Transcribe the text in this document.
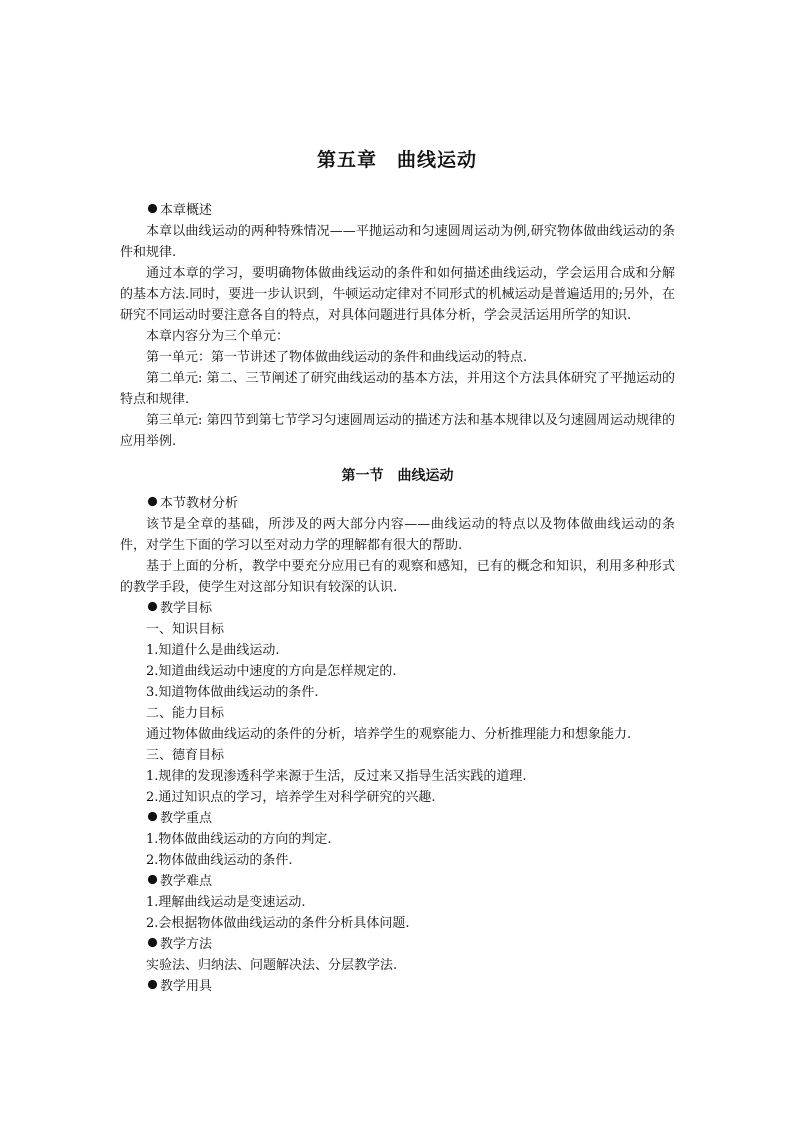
第五章　曲线运动

本章概述

本章以曲线运动的两种特殊情况——平抛运动和匀速圆周运动为例,研究物体做曲线运动的条件和规律.

通过本章的学习，要明确物体做曲线运动的条件和如何描述曲线运动，学会运用合成和分解的基本方法.同时，要进一步认识到，牛顿运动定律对不同形式的机械运动是普遍适用的;另外，在研究不同运动时要注意各自的特点，对具体问题进行具体分析，学会灵活运用所学的知识.

本章内容分为三个单元：

第一单元：第一节讲述了物体做曲线运动的条件和曲线运动的特点.

第二单元: 第二、三节阐述了研究曲线运动的基本方法，并用这个方法具体研究了平抛运动的特点和规律.

第三单元: 第四节到第七节学习匀速圆周运动的描述方法和基本规律以及匀速圆周运动规律的应用举例.

第一节　曲线运动

本节教材分析

该节是全章的基础，所涉及的两大部分内容——曲线运动的特点以及物体做曲线运动的条件，对学生下面的学习以至对动力学的理解都有很大的帮助.

基于上面的分析，教学中要充分应用已有的观察和感知，已有的概念和知识，利用多种形式的教学手段，使学生对这部分知识有较深的认识.

教学目标

一、知识目标

1.知道什么是曲线运动.

2.知道曲线运动中速度的方向是怎样规定的.

3.知道物体做曲线运动的条件.

二、能力目标

通过物体做曲线运动的条件的分析，培养学生的观察能力、分析推理能力和想象能力.

三、德育目标

1.规律的发现渗透科学来源于生活，反过来又指导生活实践的道理.

2.通过知识点的学习，培养学生对科学研究的兴趣.

教学重点

1.物体做曲线运动的方向的判定.

2.物体做曲线运动的条件.

教学难点

1.理解曲线运动是变速运动.

2.会根据物体做曲线运动的条件分析具体问题.

教学方法

实验法、归纳法、问题解决法、分层教学法.

教学用具
